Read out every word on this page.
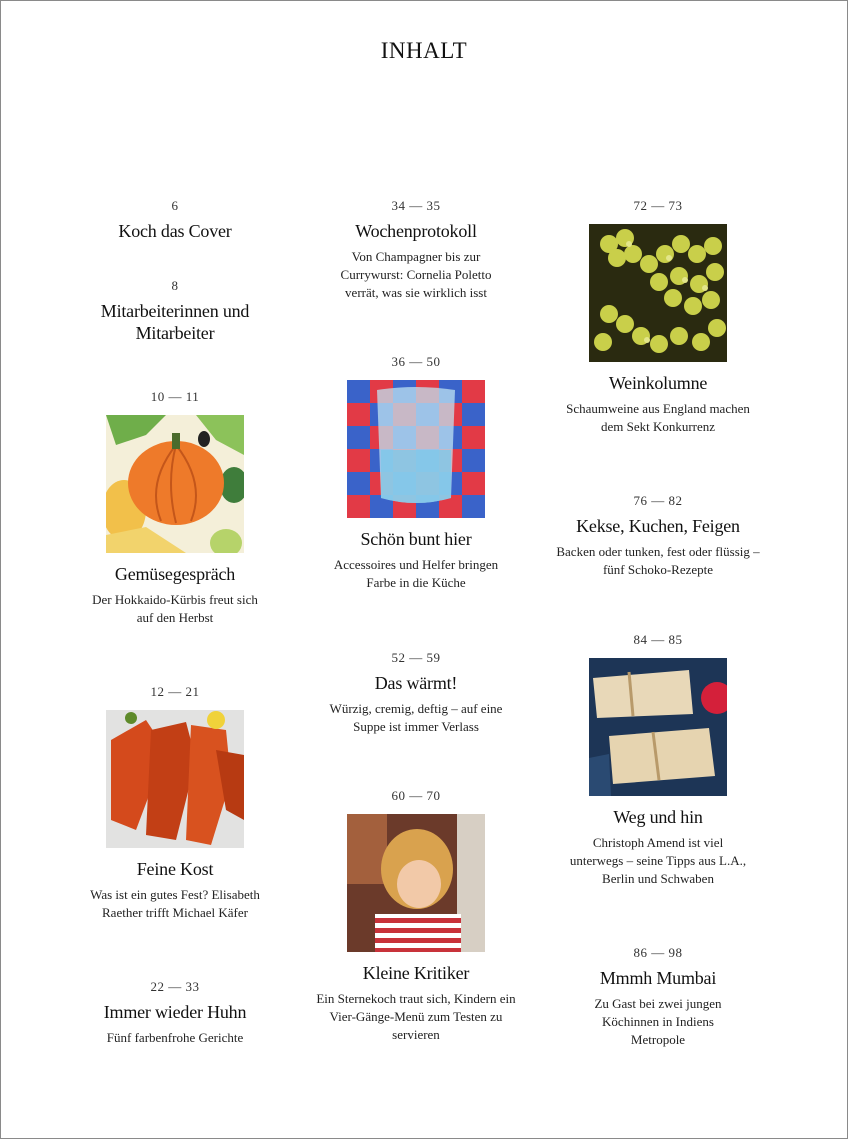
INHALT
6
Koch das Cover
8
Mitarbeiterinnen und Mitarbeiter
10 — 11
Gemüsegespräch
Der Hokkaido-Kürbis freut sich auf den Herbst
12 — 21
Feine Kost
Was ist ein gutes Fest? Elisabeth Raether trifft Michael Käfer
22 — 33
Immer wieder Huhn
Fünf farbenfrohe Gerichte
34 — 35
Wochenprotokoll
Von Champagner bis zur Currywurst: Cornelia Poletto verrät, was sie wirklich isst
36 — 50
Schön bunt hier
Accessoires und Helfer bringen Farbe in die Küche
52 — 59
Das wärmt!
Würzig, cremig, deftig – auf eine Suppe ist immer Verlass
60 — 70
Kleine Kritiker
Ein Sternekoch traut sich, Kindern ein Vier-Gänge-Menü zum Testen zu servieren
72 — 73
Weinkolumne
Schaumweine aus England machen dem Sekt Konkurrenz
76 — 82
Kekse, Kuchen, Feigen
Backen oder tunken, fest oder flüssig – fünf Schoko-Rezepte
84 — 85
Weg und hin
Christoph Amend ist viel unterwegs – seine Tipps aus L.A., Berlin und Schwaben
86 — 98
Mmmh Mumbai
Zu Gast bei zwei jungen Köchinnen in Indiens Metropole
